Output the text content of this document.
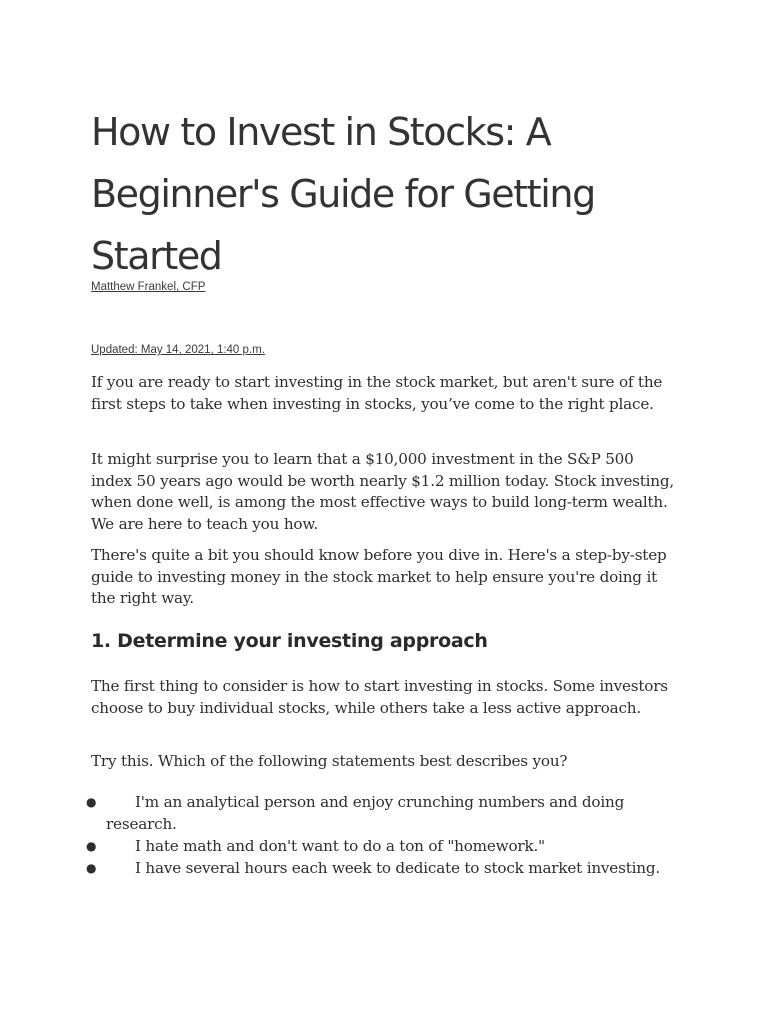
How to Invest in Stocks: A Beginner's Guide for Getting Started
Matthew Frankel, CFP
Updated: May 14, 2021, 1:40 p.m.

If you are ready to start investing in the stock market, but aren't sure of the first steps to take when investing in stocks, you’ve come to the right place.

It might surprise you to learn that a $10,000 investment in the S&P 500 index 50 years ago would be worth nearly $1.2 million today. Stock investing, when done well, is among the most effective ways to build long-term wealth. We are here to teach you how.

There's quite a bit you should know before you dive in. Here's a step-by-step guide to investing money in the stock market to help ensure you're doing it the right way.

1. Determine your investing approach

The first thing to consider is how to start investing in stocks. Some investors choose to buy individual stocks, while others take a less active approach.

Try this. Which of the following statements best describes you?

●	I'm an analytical person and enjoy crunching numbers and doing research.
●	I hate math and don't want to do a ton of "homework."
●	I have several hours each week to dedicate to stock market investing.
